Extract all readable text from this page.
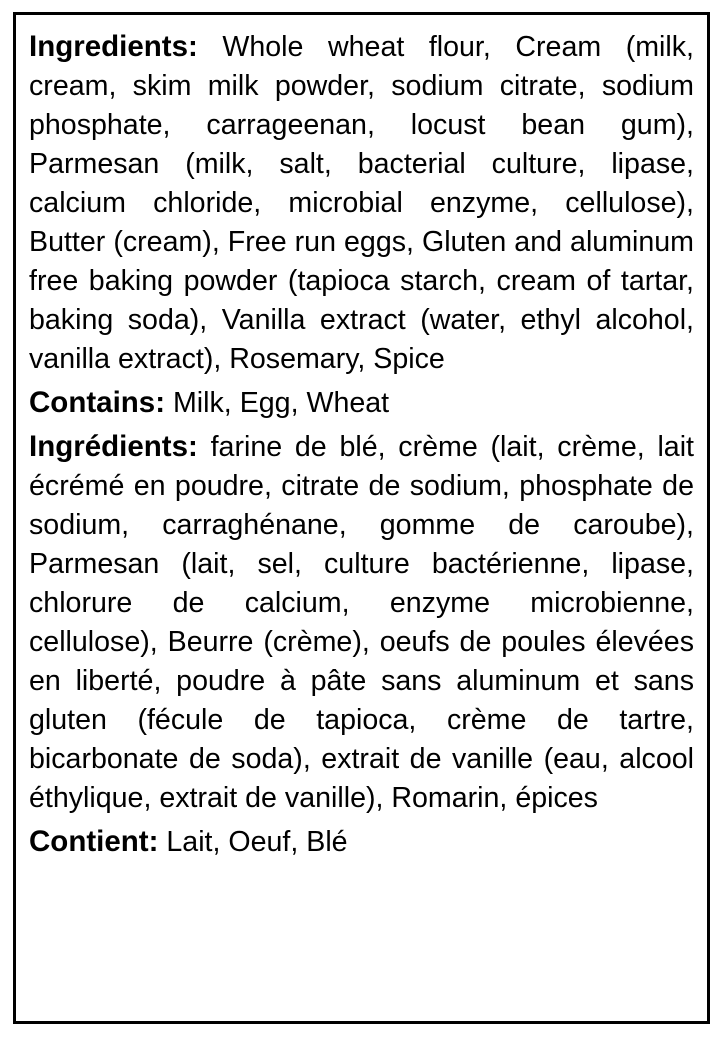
Ingredients: Whole wheat flour, Cream (milk, cream, skim milk powder, sodium citrate, sodium phosphate, carrageenan, locust bean gum), Parmesan (milk, salt, bacterial culture, lipase, calcium chloride, microbial enzyme, cellulose), Butter (cream), Free run eggs, Gluten and aluminum free baking powder (tapioca starch, cream of tartar, baking soda), Vanilla extract (water, ethyl alcohol, vanilla extract), Rosemary, Spice

Contains: Milk, Egg, Wheat

Ingrédients: farine de blé, crème (lait, crème, lait écrémé en poudre, citrate de sodium, phosphate de sodium, carraghénane, gomme de caroube), Parmesan (lait, sel, culture bactérienne, lipase, chlorure de calcium, enzyme microbienne, cellulose), Beurre (crème), oeufs de poules élevées en liberté, poudre à pâte sans aluminum et sans gluten (fécule de tapioca, crème de tartre, bicarbonate de soda), extrait de vanille (eau, alcool éthylique, extrait de vanille), Romarin, épices

Contient: Lait, Oeuf, Blé
